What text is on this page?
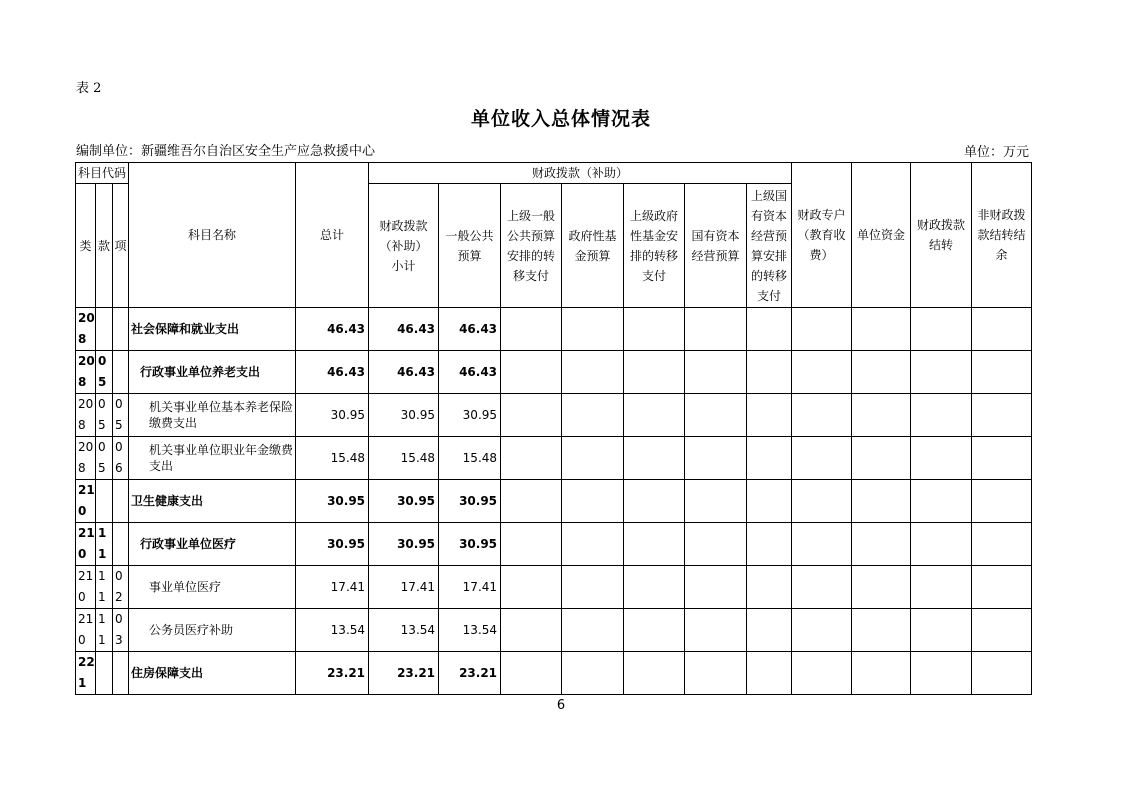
表 2
单位收入总体情况表
编制单位：新疆维吾尔自治区安全生产应急救援中心	单位：万元
科目代码			科目名称	总计	财政拨款（补助）							财政专户（教育收费）	单位资金	财政拨款结转	非财政拨款结转结余
类	款	项			财政拨款（补助）小计	一般公共预算	上级一般公共预算安排的转移支付	政府性基金预算	上级政府性基金安排的转移支付	国有资本经营预算	上级国有资本经营预算安排的转移支付				
208			社会保障和就业支出	46.43	46.43	46.43									
208	05		行政事业单位养老支出	46.43	46.43	46.43									
208	05	05	机关事业单位基本养老保险缴费支出	30.95	30.95	30.95									
208	05	06	机关事业单位职业年金缴费支出	15.48	15.48	15.48									
210			卫生健康支出	30.95	30.95	30.95									
210	11		行政事业单位医疗	30.95	30.95	30.95									
210	11	02	事业单位医疗	17.41	17.41	17.41									
210	11	03	公务员医疗补助	13.54	13.54	13.54									
221			住房保障支出	23.21	23.21	23.21									
6
